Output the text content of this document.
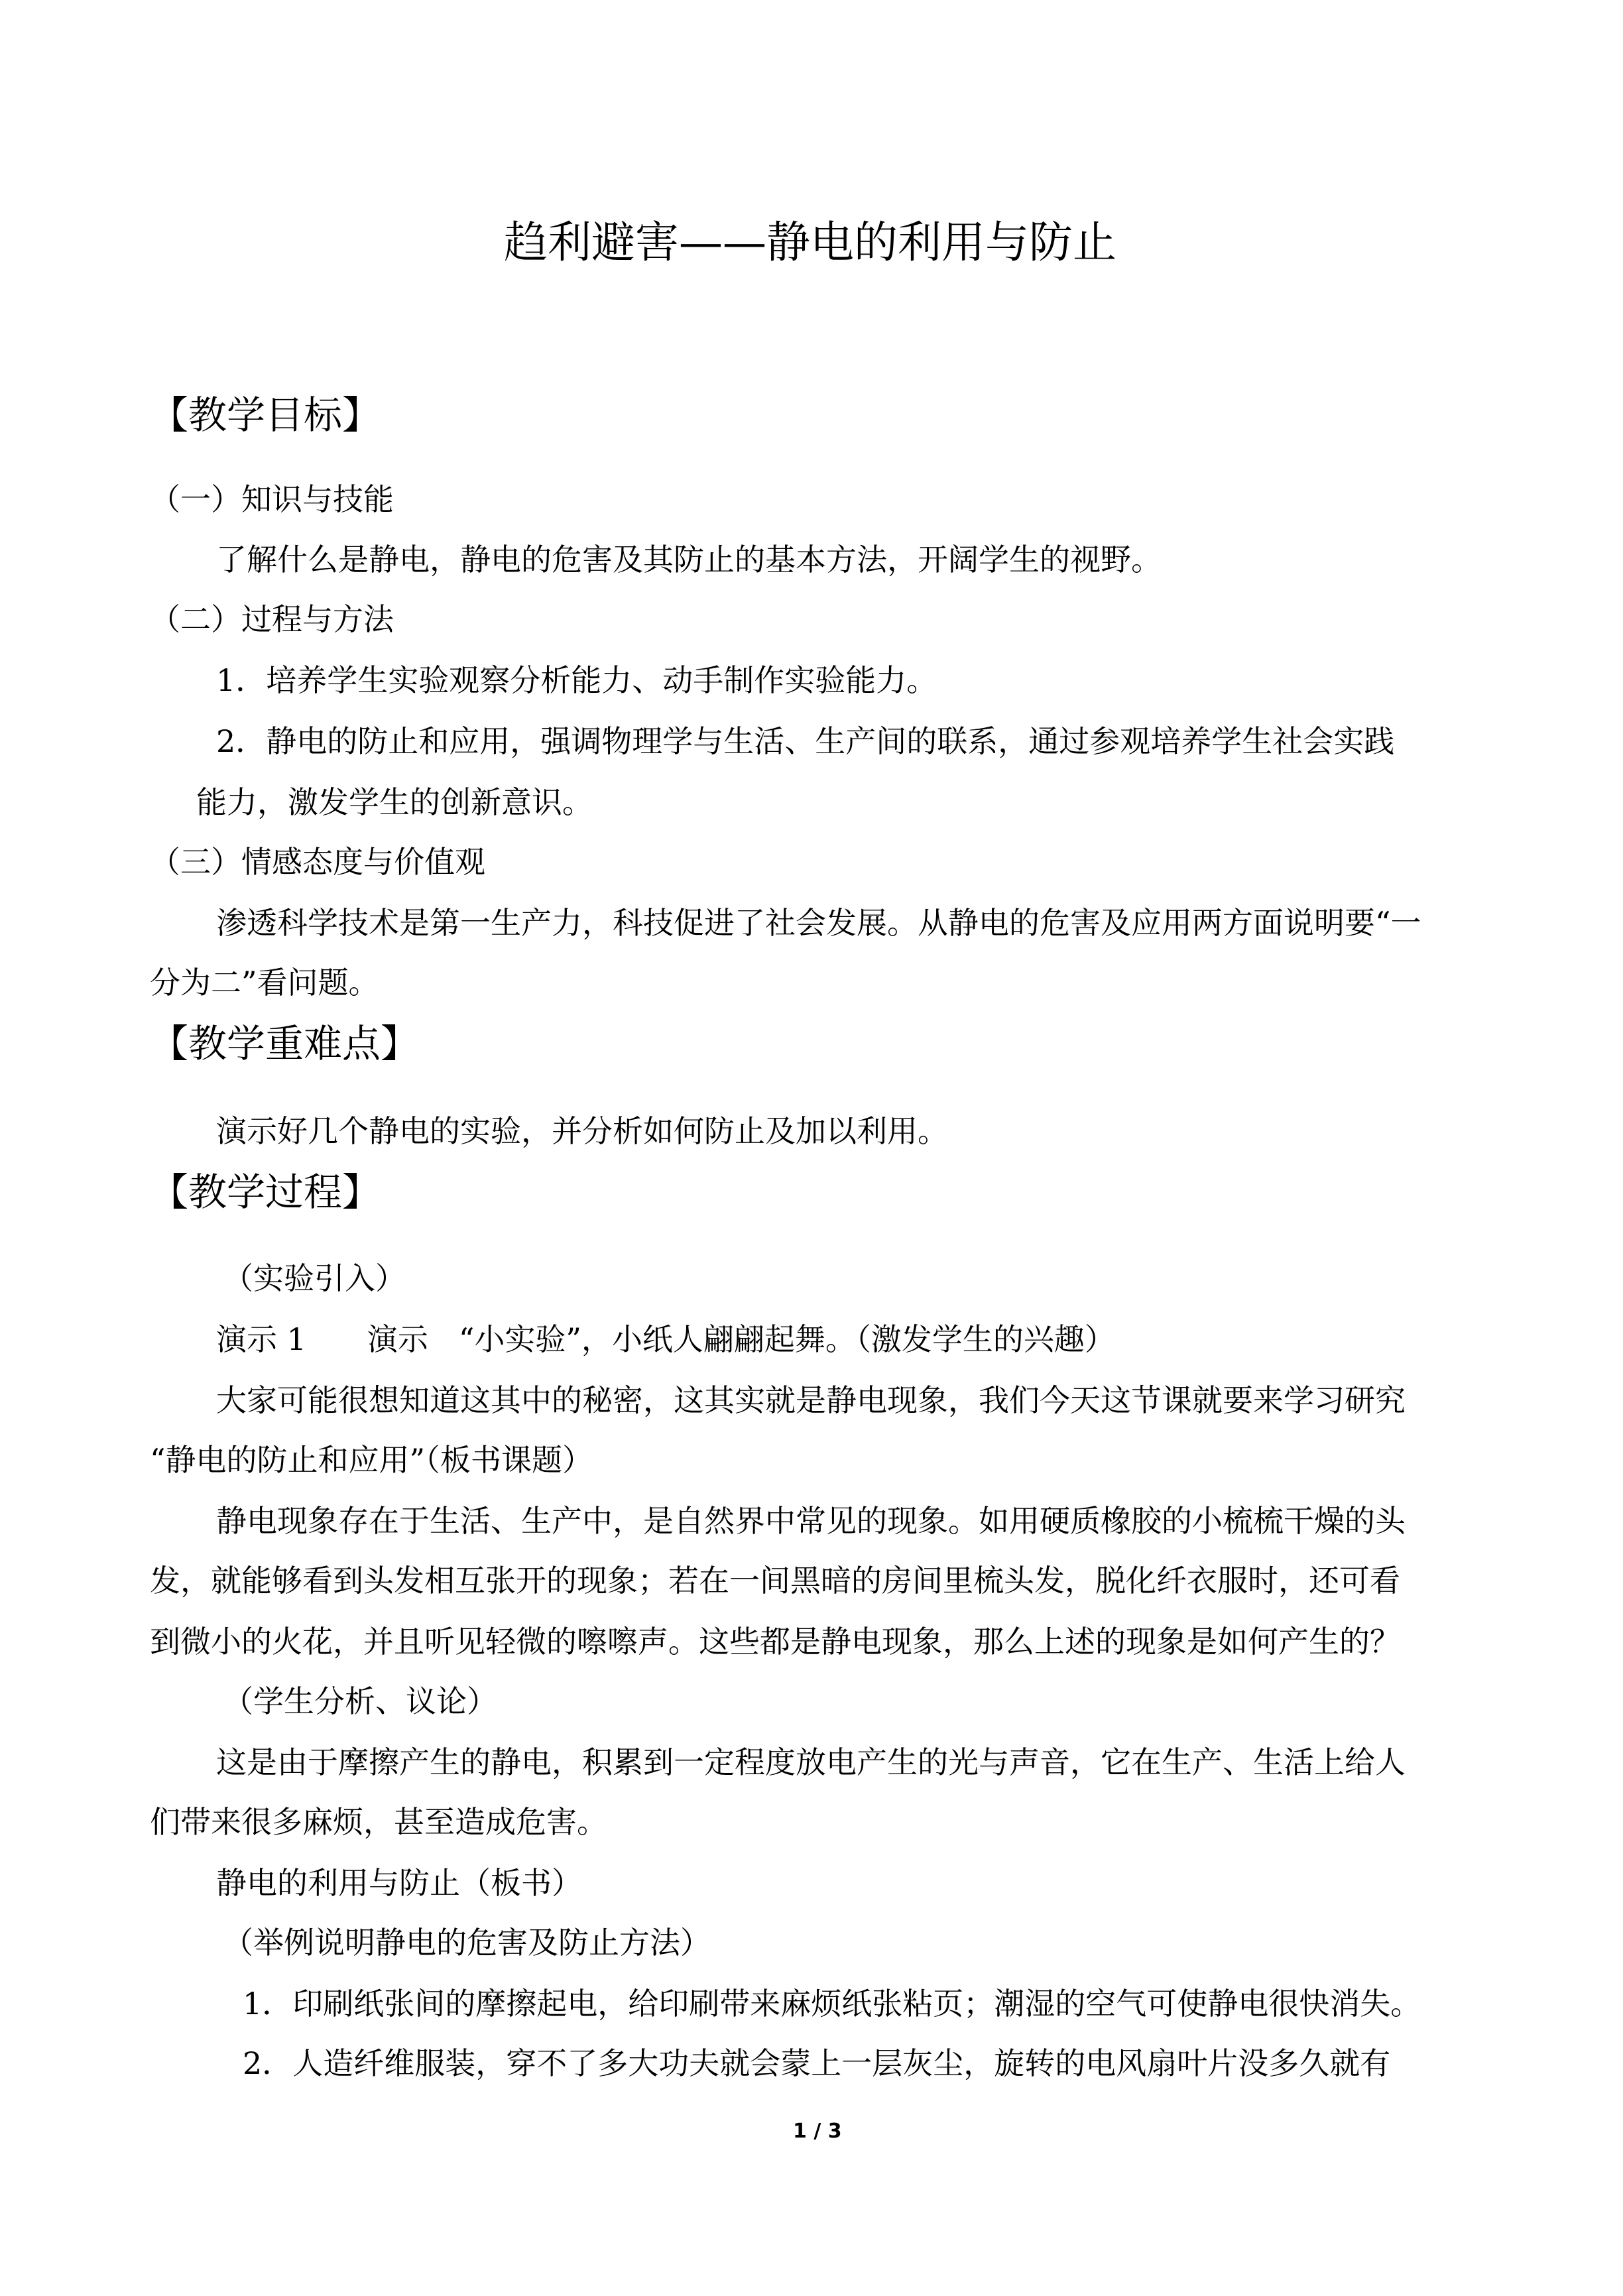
趋利避害——静电的利用与防止
【教学目标】
（一）知识与技能
了解什么是静电，静电的危害及其防止的基本方法，开阔学生的视野。
（二）过程与方法
1．培养学生实验观察分析能力、动手制作实验能力。
2．静电的防止和应用，强调物理学与生活、生产间的联系，通过参观培养学生社会实践
能力，激发学生的创新意识。
（三）情感态度与价值观
渗透科学技术是第一生产力，科技促进了社会发展。从静电的危害及应用两方面说明要“一
分为二”看问题。
【教学重难点】
演示好几个静电的实验，并分析如何防止及加以利用。
【教学过程】
（实验引入）
演示 1　　演示　“小实验”，小纸人翩翩起舞。（激发学生的兴趣）
大家可能很想知道这其中的秘密，这其实就是静电现象，我们今天这节课就要来学习研究
“静电的防止和应用”（板书课题）
静电现象存在于生活、生产中，是自然界中常见的现象。如用硬质橡胶的小梳梳干燥的头
发，就能够看到头发相互张开的现象；若在一间黑暗的房间里梳头发，脱化纤衣服时，还可看
到微小的火花，并且听见轻微的嚓嚓声。这些都是静电现象，那么上述的现象是如何产生的？
（学生分析、议论）
这是由于摩擦产生的静电，积累到一定程度放电产生的光与声音，它在生产、生活上给人
们带来很多麻烦，甚至造成危害。
静电的利用与防止（板书）
（举例说明静电的危害及防止方法）
1．印刷纸张间的摩擦起电，给印刷带来麻烦纸张粘页；潮湿的空气可使静电很快消失。
2．人造纤维服装，穿不了多大功夫就会蒙上一层灰尘，旋转的电风扇叶片没多久就有
1 / 3
